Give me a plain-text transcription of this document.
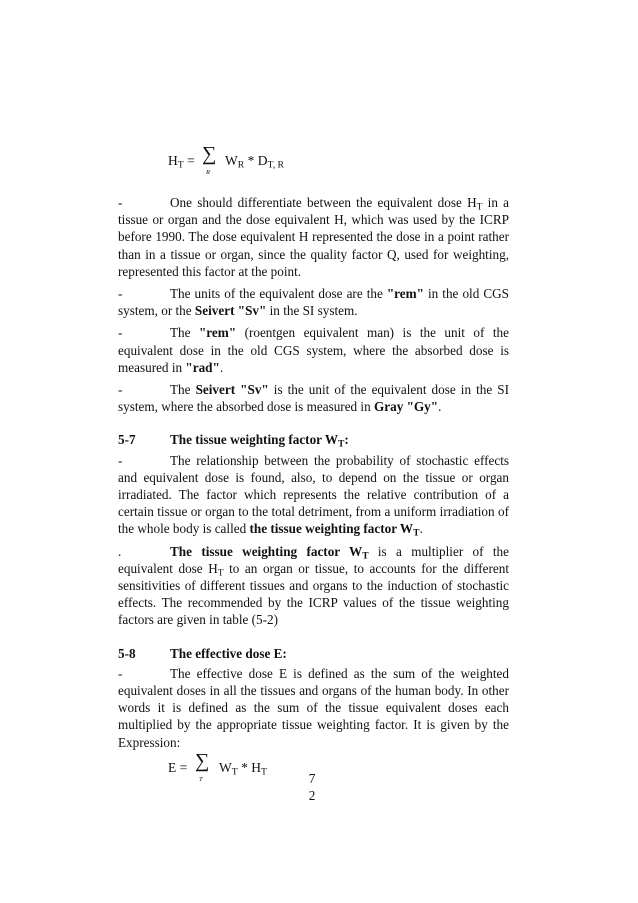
$H_T$ = ∑
R
$W_R * D_{T, R}$

-	One should differentiate between the equivalent dose $H_T$ in a tissue or organ and the dose equivalent H, which was used by the ICRP before 1990. The dose equivalent H represented the dose in a point rather than in a tissue or organ, since the quality factor Q, used for weighting, represented this factor at the point.

-	The units of the equivalent dose are the "rem" in the old CGS system, or the Seivert "Sv" in the SI system.

-	The "rem" (roentgen equivalent man) is the unit of the equivalent dose in the old CGS system, where the absorbed dose is measured in "rad".

-	The Seivert "Sv" is the unit of the equivalent dose in the SI system, where the absorbed dose is measured in Gray "Gy".

5-7	The tissue weighting factor $W_T$:

-	The relationship between the probability of stochastic effects and equivalent dose is found, also, to depend on the tissue or organ irradiated. The factor which represents the relative contribution of a certain tissue or organ to the total detriment, from a uniform irradiation of the whole body is called the tissue weighting factor $W_T$.

.	The tissue weighting factor $W_T$ is a multiplier of the equivalent dose $H_T$ to an organ or tissue, to accounts for the different sensitivities of different tissues and organs to the induction of stochastic effects. The recommended by the ICRP values of the tissue weighting factors are given in table (5-2)

5-8	The effective dose E:

-	The effective dose E is defined as the sum of the weighted equivalent doses in all the tissues and organs of the human body. In other words it is defined as the sum of the tissue equivalent doses each multiplied by the appropriate tissue weighting factor. It is given by the Expression:

E = ∑
T
$W_T * H_T$	7
2
